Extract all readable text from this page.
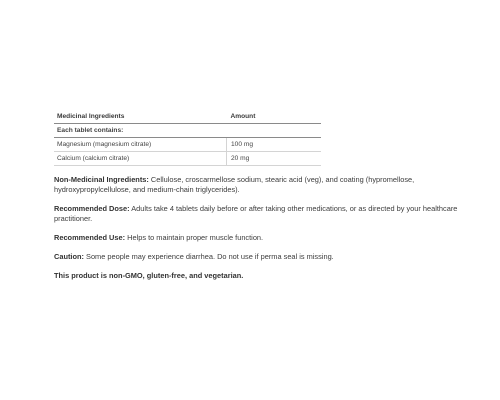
Medicinal Ingredients	Amount
Each tablet contains:	
Magnesium (magnesium citrate)	100 mg
Calcium (calcium citrate)	20 mg

Non-Medicinal Ingredients: Cellulose, croscarmellose sodium, stearic acid (veg), and coating (hypromellose, hydroxypropylcellulose, and medium-chain triglycerides).

Recommended Dose: Adults take 4 tablets daily before or after taking other medications, or as directed by your healthcare practitioner.

Recommended Use: Helps to maintain proper muscle function.

Caution: Some people may experience diarrhea. Do not use if perma seal is missing.

This product is non-GMO, gluten-free, and vegetarian.
